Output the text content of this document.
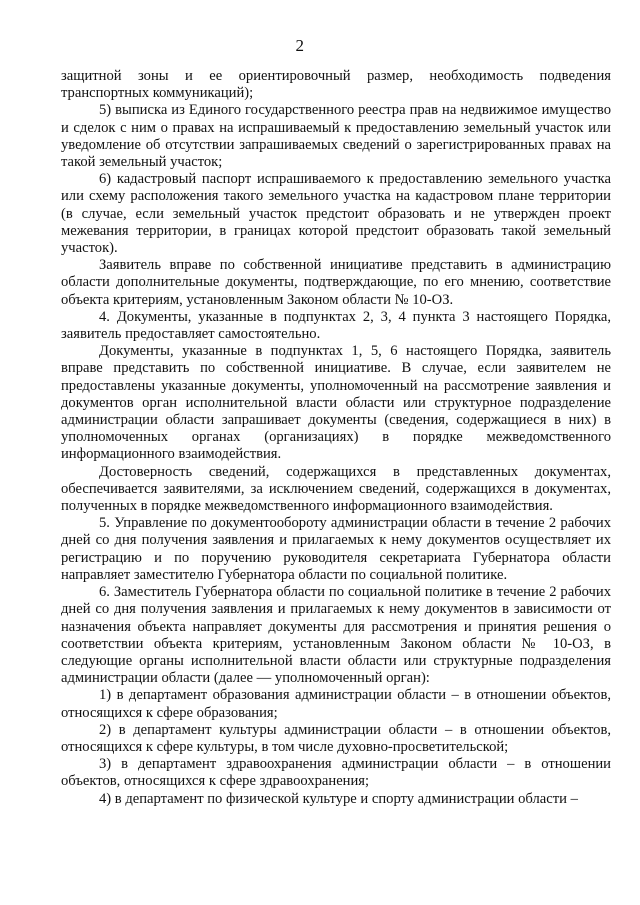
2

защитной зоны и ее ориентировочный размер, необходимость подведения транспортных коммуникаций);

5) выписка из Единого государственного реестра прав на недвижимое имущество и сделок с ним о правах на испрашиваемый к предоставлению земельный участок или уведомление об отсутствии запрашиваемых сведений о зарегистрированных правах на такой земельный участок;

6) кадастровый паспорт испрашиваемого к предоставлению земельного участка или схему расположения такого земельного участка на кадастровом плане территории (в случае, если земельный участок предстоит образовать и не утвержден проект межевания территории, в границах которой предстоит образовать такой земельный участок).

Заявитель вправе по собственной инициативе представить в администрацию области дополнительные документы, подтверждающие, по его мнению, соответствие объекта критериям, установленным Законом области № 10-ОЗ.

4. Документы, указанные в подпунктах 2, 3, 4 пункта 3 настоящего Порядка, заявитель предоставляет самостоятельно.

Документы, указанные в подпунктах 1, 5, 6 настоящего Порядка, заявитель вправе представить по собственной инициативе. В случае, если заявителем не предоставлены указанные документы, уполномоченный на рассмотрение заявления и документов орган исполнительной власти области или структурное подразделение администрации области запрашивает документы (сведения, содержащиеся в них) в уполномоченных органах (организациях) в порядке межведомственного информационного взаимодействия.

Достоверность сведений, содержащихся в представленных документах, обеспечивается заявителями, за исключением сведений, содержащихся в документах, полученных в порядке межведомственного информационного взаимодействия.

5. Управление по документообороту администрации области в течение 2 рабочих дней со дня получения заявления и прилагаемых к нему документов осуществляет их регистрацию и по поручению руководителя секретариата Губернатора области направляет заместителю Губернатора области по социальной политике.

6. Заместитель Губернатора области по социальной политике в течение 2 рабочих дней со дня получения заявления и прилагаемых к нему документов в зависимости от назначения объекта направляет документы для рассмотрения и принятия решения о соответствии объекта критериям, установленным Законом области № 10-ОЗ, в следующие органы исполнительной власти области или структурные подразделения администрации области (далее — уполномоченный орган):

1) в департамент образования администрации области – в отношении объектов, относящихся к сфере образования;

2) в департамент культуры администрации области – в отношении объектов, относящихся к сфере культуры, в том числе духовно-просветительской;

3) в департамент здравоохранения администрации области – в отношении объектов, относящихся к сфере здравоохранения;

4) в департамент по физической культуре и спорту администрации области –
